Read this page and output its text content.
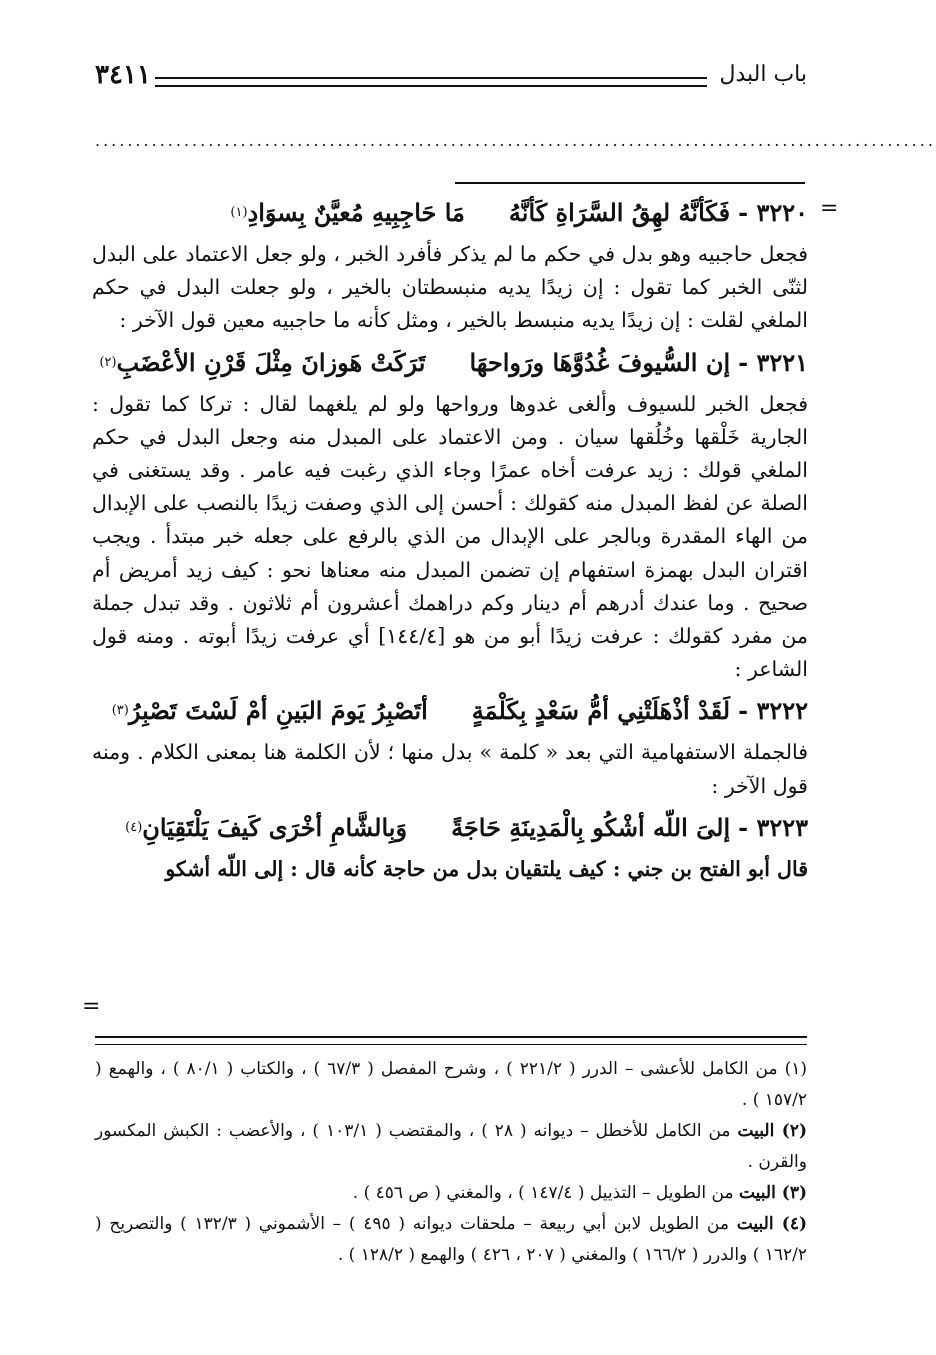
باب البدل
٣٤١١
........................................................................................................
=
٣٢٢٠ -
فَكَأنَّهُ لهِقُ السَّرَاةِ كَأنَّهُ
مَا حَاجِبِيهِ مُعيَّنٌ بِسوَادِ
(١)

فجعل حاجبيه وهو بدل في حكم ما لم يذكر فأفرد الخبر ، ولو جعل الاعتماد على البدل لثنّى الخبر كما تقول : إن زيدًا يديه منبسطتان بالخير ، ولو جعلت البدل في حكم الملغي لقلت : إن زيدًا يديه منبسط بالخير ، ومثل كأنه ما حاجبيه معين قول الآخر :

٣٢٢١ -
إن السُّيوفَ غُدُوَّهَا ورَواحهَا
تَرَكَتْ هَوزانَ مِثْلَ قَرْنِ الأعْضَبِ
(٢)

فجعل الخبر للسيوف وألغى غدوها ورواحها ولو لم يلغهما لقال : تركا كما تقول : الجارية خَلْقها وخُلُقها سيان . ومن الاعتماد على المبدل منه وجعل البدل في حكم الملغي قولك : زيد عرفت أخاه عمرًا وجاء الذي رغبت فيه عامر . وقد يستغنى في الصلة عن لفظ المبدل منه كقولك : أحسن إلى الذي وصفت زيدًا بالنصب على الإبدال من الهاء المقدرة وبالجر على الإبدال من الذي بالرفع على جعله خبر مبتدأ . ويجب اقتران البدل بهمزة استفهام إن تضمن المبدل منه معناها نحو : كيف زيد أمريض أم صحيح . وما عندك أدرهم أم دينار وكم دراهمك أعشرون أم ثلاثون . وقد تبدل جملة من مفرد كقولك : عرفت زيدًا أبو من هو [١٤٤/٤] أي عرفت زيدًا أبوته . ومنه قول الشاعر :

٣٢٢٢ -
لَقَدْ أذْهَلَتْنِي أمُّ سَعْدٍ بِكَلْمَةٍ
أتَصْبِرُ يَومَ البَينِ أمْ لَسْتَ تَصْبِرُ
(٣)

فالجملة الاستفهامية التي بعد « كلمة » بدل منها ؛ لأن الكلمة هنا بمعنى الكلام . ومنه قول الآخر :

٣٢٢٣ -
إلىَ اللّه أشْكُو بِالْمَدِينَةِ حَاجَةً
وَبِالشَّامِ أخْرَى كَيفَ يَلْتَقِيَانِ
(٤)

قال أبو الفتح بن جني : كيف يلتقيان بدل من حاجة كأنه قال : إلى اللّه أشكو

=

(١) من الكامل للأعشى – الدرر ( ٢٢١/٢ ) ، وشرح المفصل ( ٦٧/٣ ) ، والكتاب ( ٨٠/١ ) ، والهمع ( ١٥٧/٢ ) .

(٢) البيت من الكامل للأخطل – ديوانه ( ٢٨ ) ، والمقتضب ( ١٠٣/١ ) ، والأعضب : الكبش المكسور والقرن .

(٣) البيت من الطويل – التذييل ( ١٤٧/٤ ) ، والمغني ( ص ٤٥٦ ) .

(٤) البيت من الطويل لابن أبي ربيعة – ملحقات ديوانه ( ٤٩٥ ) – الأشموني ( ١٣٢/٣ ) والتصريح ( ١٦٢/٢ ) والدرر ( ١٦٦/٢ ) والمغني ( ٢٠٧ ، ٤٢٦ ) والهمع ( ١٢٨/٢ ) .
